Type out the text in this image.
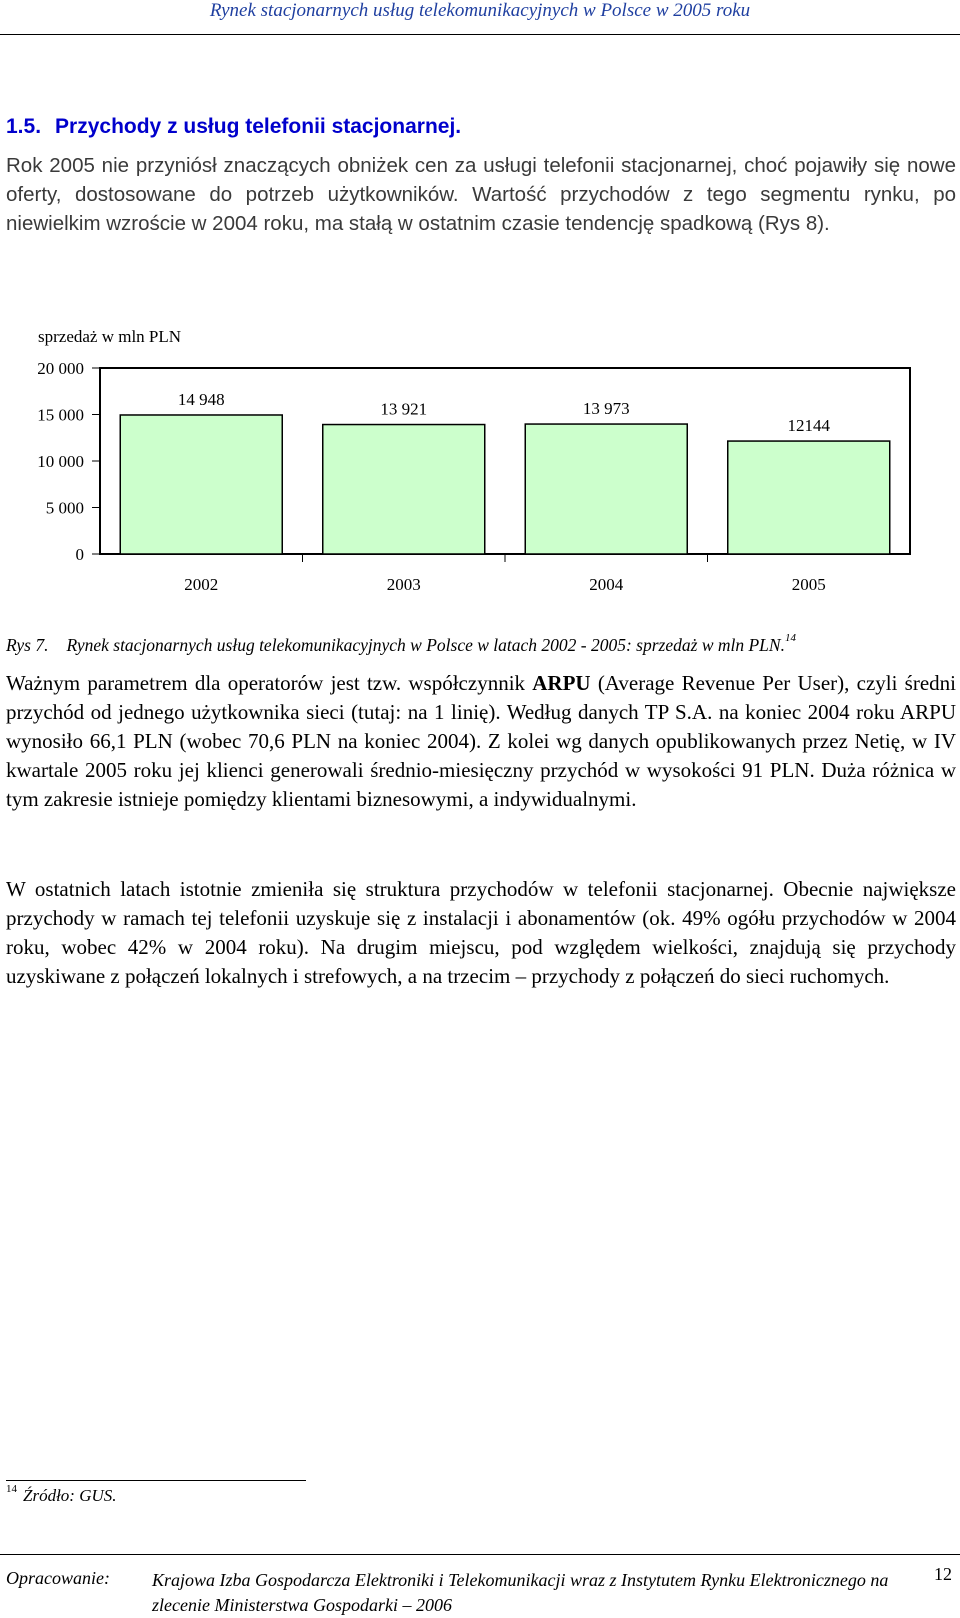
Rynek stacjonarnych usług telekomunikacyjnych w Polsce w 2005 roku
1.5. Przychody z usług telefonii stacjonarnej.
Rok 2005 nie przyniósł znaczących obniżek cen za usługi telefonii stacjonarnej, choć pojawiły się nowe oferty, dostosowane do potrzeb użytkowników. Wartość przychodów z tego segmentu rynku, po niewielkim wzroście w 2004 roku, ma stałą w ostatnim czasie tendencję spadkową (Rys 8).
sprzedaż w mln PLN
20 000
15 000
10 000
5 000
0
14 948
13 921	13 973
12144
2002	2003	2004	2005
Rys 7. Rynek stacjonarnych usług telekomunikacyjnych w Polsce w latach 2002 - 2005: sprzedaż w mln PLN.$^{14}$
Ważnym parametrem dla operatorów jest tzw. współczynnik ARPU (Average Revenue Per User), czyli średni przychód od jednego użytkownika sieci (tutaj: na 1 linię). Według danych TP S.A. na koniec 2004 roku ARPU wynosiło 66,1 PLN (wobec 70,6 PLN na koniec 2004). Z kolei wg danych opublikowanych przez Netię, w IV kwartale 2005 roku jej klienci generowali średnio-miesięczny przychód w wysokości 91 PLN. Duża różnica w tym zakresie istnieje pomiędzy klientami biznesowymi, a indywidualnymi.
W ostatnich latach istotnie zmieniła się struktura przychodów w telefonii stacjonarnej. Obecnie największe przychody w ramach tej telefonii uzyskuje się z instalacji i abonamentów (ok. 49% ogółu przychodów w 2004 roku, wobec 42% w 2004 roku). Na drugim miejscu, pod względem wielkości, znajdują się przychody uzyskiwane z połączeń lokalnych i strefowych, a na trzecim – przychody z połączeń do sieci ruchomych.
$^{14}$ Źródło: GUS.
Opracowanie: Krajowa Izba Gospodarcza Elektroniki i Telekomunikacji wraz z Instytutem Rynku Elektronicznego na zlecenie Ministerstwa Gospodarki – 2006
12
